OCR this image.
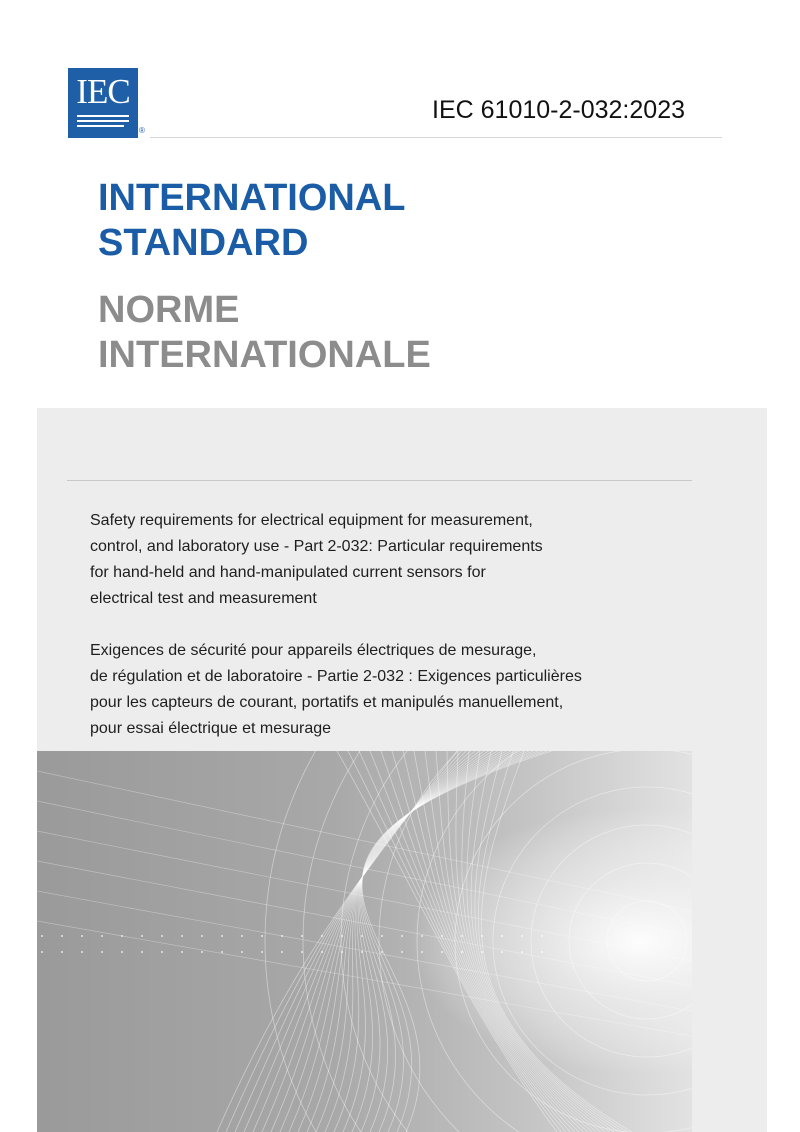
IEC
®
IEC 61010-2-032:2023
INTERNATIONAL
STANDARD
NORME
INTERNATIONALE
Safety requirements for electrical equipment for measurement,
control, and laboratory use - Part 2-032: Particular requirements
for hand-held and hand-manipulated current sensors for
electrical test and measurement
Exigences de sécurité pour appareils électriques de mesurage,
de régulation et de laboratoire - Partie 2-032 : Exigences particulières
pour les capteurs de courant, portatifs et manipulés manuellement,
pour essai électrique et mesurage
